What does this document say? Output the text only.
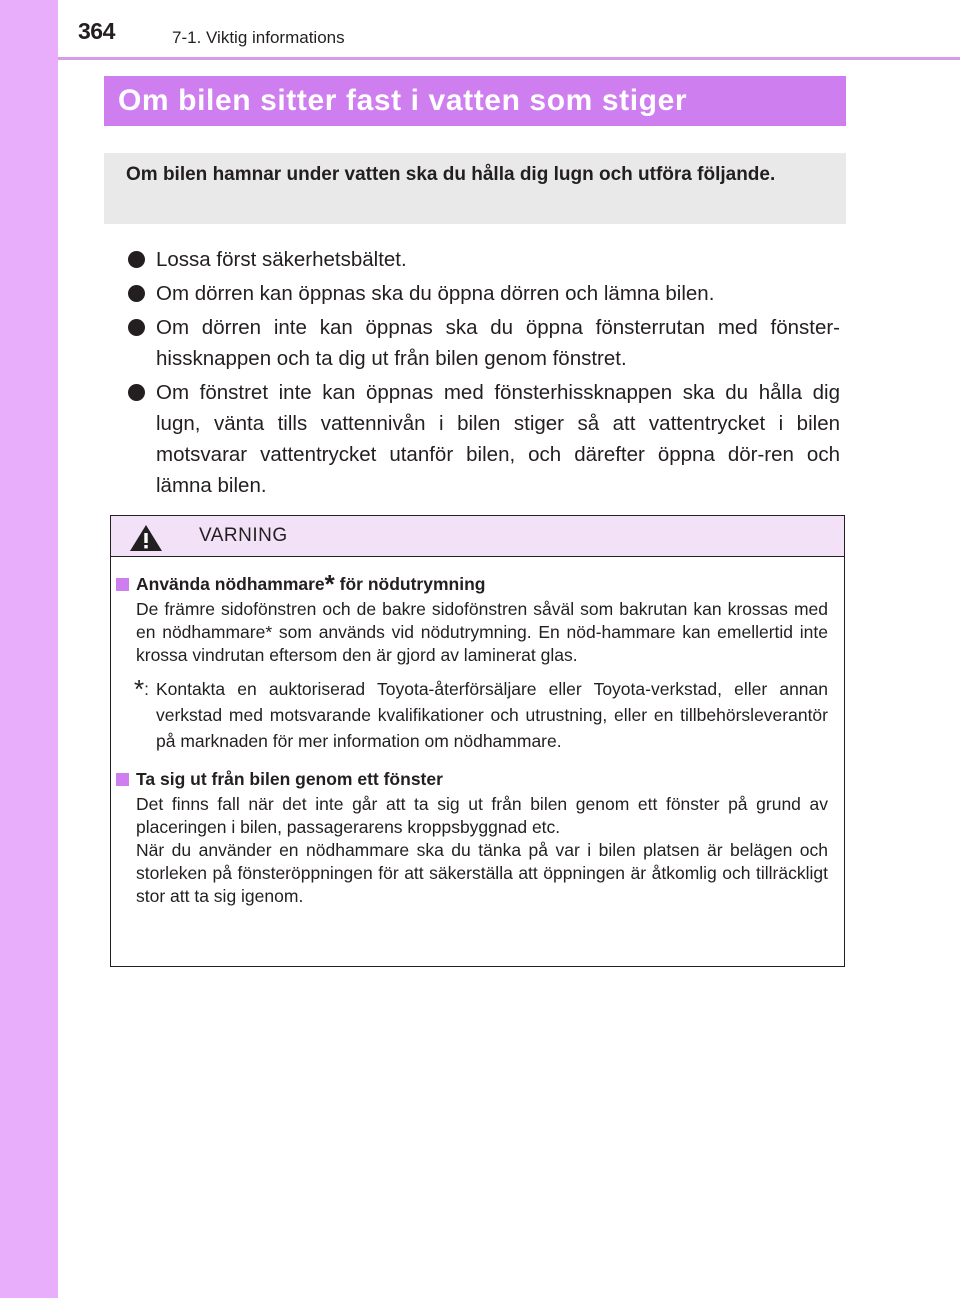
364	7-1. Viktig informations
Om bilen sitter fast i vatten som stiger
Om bilen hamnar under vatten ska du hålla dig lugn och utföra följande.
Lossa först säkerhetsbältet.
Om dörren kan öppnas ska du öppna dörren och lämna bilen.
Om dörren inte kan öppnas ska du öppna fönsterrutan med fönster-hissknappen och ta dig ut från bilen genom fönstret.
Om fönstret inte kan öppnas med fönsterhissknappen ska du hålla dig lugn, vänta tills vattennivån i bilen stiger så att vattentrycket i bilen motsvarar vattentrycket utanför bilen, och därefter öppna dör-ren och lämna bilen.
VARNING
Använda nödhammare* för nödutrymning
De främre sidofönstren och de bakre sidofönstren såväl som bakrutan kan krossas med en nödhammare* som används vid nödutrymning. En nöd-hammare kan emellertid inte krossa vindrutan eftersom den är gjord av laminerat glas.
*: Kontakta en auktoriserad Toyota-återförsäljare eller Toyota-verkstad, eller annan verkstad med motsvarande kvalifikationer och utrustning, eller en tillbehörsleverantör på marknaden för mer information om nödhammare.
Ta sig ut från bilen genom ett fönster
Det finns fall när det inte går att ta sig ut från bilen genom ett fönster på grund av placeringen i bilen, passagerarens kroppsbyggnad etc.
När du använder en nödhammare ska du tänka på var i bilen platsen är belägen och storleken på fönsteröppningen för att säkerställa att öppningen är åtkomlig och tillräckligt stor att ta sig igenom.
